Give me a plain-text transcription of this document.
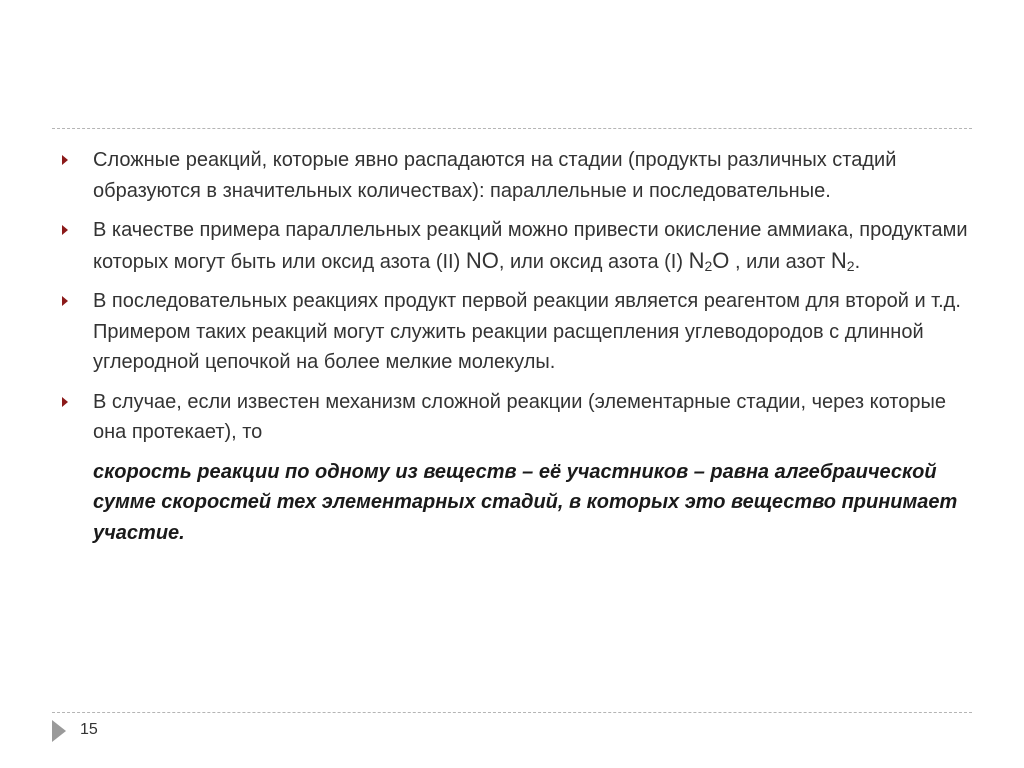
Сложные реакций, которые явно распадаются на стадии (продукты различных стадий образуются в значительных количествах): параллельные и последовательные.
В качестве примера параллельных реакций можно привести окисление аммиака, продуктами которых могут быть или оксид азота (II) NO, или оксид азота (I) $N_2O$ , или азот $N_2$.
В последовательных реакциях продукт первой реакции является реагентом для второй и т.д. Примером таких реакций могут служить реакции расщепления углеводородов с длинной углеродной цепочкой на более мелкие молекулы.
В случае, если известен механизм сложной реакции (элементарные стадии, через которые она протекает), то
скорость реакции по одному из веществ – её участников – равна алгебраической сумме скоростей тех элементарных стадий, в которых это вещество принимает участие.
15
